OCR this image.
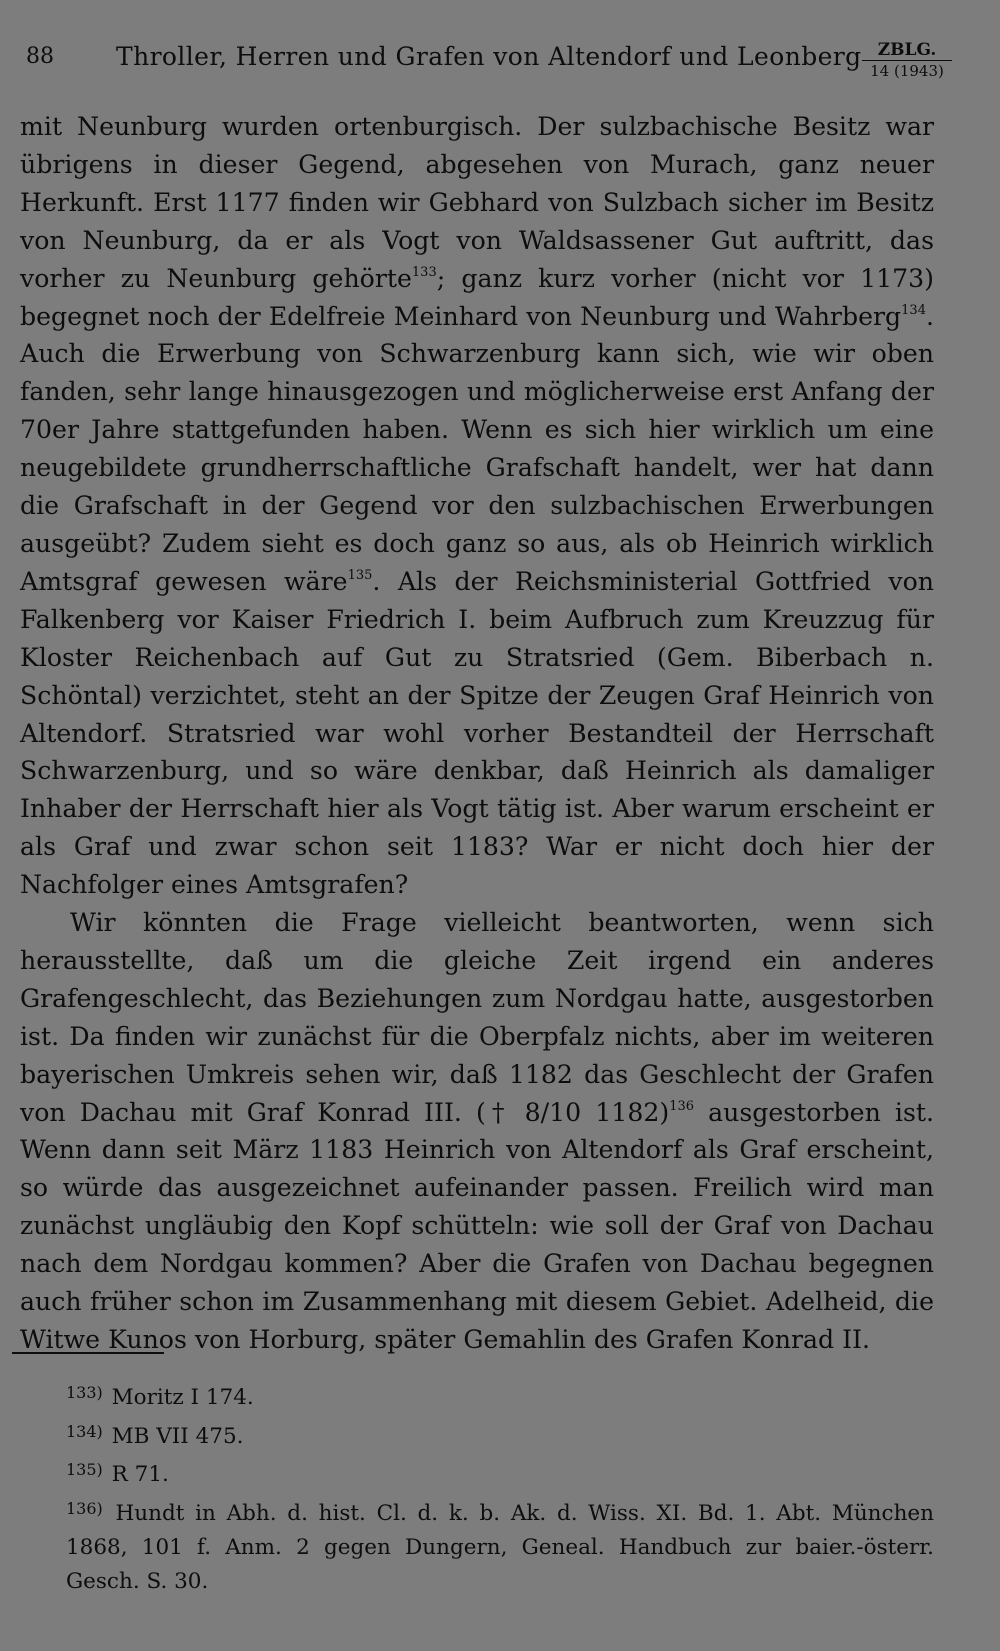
88 Throller, Herren und Grafen von Altendorf und Leonberg ZBLG.
14 (1943)

mit Neunburg wurden ortenburgisch. Der sulzbachische Besitz war übrigens in dieser Gegend, abgesehen von Murach, ganz neuer Herkunft. Erst 1177 finden wir Gebhard von Sulzbach sicher im Besitz von Neunburg, da er als Vogt von Waldsassener Gut auftritt, das vorher zu Neunburg gehörte$^{133}$; ganz kurz vorher (nicht vor 1173) begegnet noch der Edelfreie Meinhard von Neunburg und Wahrberg$^{134}$. Auch die Erwerbung von Schwarzenburg kann sich, wie wir oben fanden, sehr lange hinausgezogen und möglicherweise erst Anfang der 70er Jahre stattgefunden haben. Wenn es sich hier wirklich um eine neugebildete grundherrschaftliche Grafschaft handelt, wer hat dann die Grafschaft in der Gegend vor den sulzbachischen Erwerbungen ausgeübt? Zudem sieht es doch ganz so aus, als ob Heinrich wirklich Amtsgraf gewesen wäre$^{135}$. Als der Reichsministerial Gottfried von Falkenberg vor Kaiser Friedrich I. beim Aufbruch zum Kreuzzug für Kloster Reichenbach auf Gut zu Stratsried (Gem. Biberbach n. Schöntal) verzichtet, steht an der Spitze der Zeugen Graf Heinrich von Altendorf. Stratsried war wohl vorher Bestandteil der Herrschaft Schwarzenburg, und so wäre denkbar, daß Heinrich als damaliger Inhaber der Herrschaft hier als Vogt tätig ist. Aber warum erscheint er als Graf und zwar schon seit 1183? War er nicht doch hier der Nachfolger eines Amtsgrafen?

Wir könnten die Frage vielleicht beantworten, wenn sich herausstellte, daß um die gleiche Zeit irgend ein anderes Grafengeschlecht, das Beziehungen zum Nordgau hatte, ausgestorben ist. Da finden wir zunächst für die Oberpfalz nichts, aber im weiteren bayerischen Umkreis sehen wir, daß 1182 das Geschlecht der Grafen von Dachau mit Graf Konrad III. († 8/10 1182)$^{136}$ ausgestorben ist. Wenn dann seit März 1183 Heinrich von Altendorf als Graf erscheint, so würde das ausgezeichnet aufeinander passen. Freilich wird man zunächst ungläubig den Kopf schütteln: wie soll der Graf von Dachau nach dem Nordgau kommen? Aber die Grafen von Dachau begegnen auch früher schon im Zusammenhang mit diesem Gebiet. Adelheid, die Witwe Kunos von Horburg, später Gemahlin des Grafen Konrad II.

$^{133)}$ Moritz I 174.

$^{134)}$ MB VII 475.

$^{135)}$ R 71.

$^{136)}$ Hundt in Abh. d. hist. Cl. d. k. b. Ak. d. Wiss. XI. Bd. 1. Abt. München 1868, 101 f. Anm. 2 gegen Dungern, Geneal. Handbuch zur baier.-österr. Gesch. S. 30.
